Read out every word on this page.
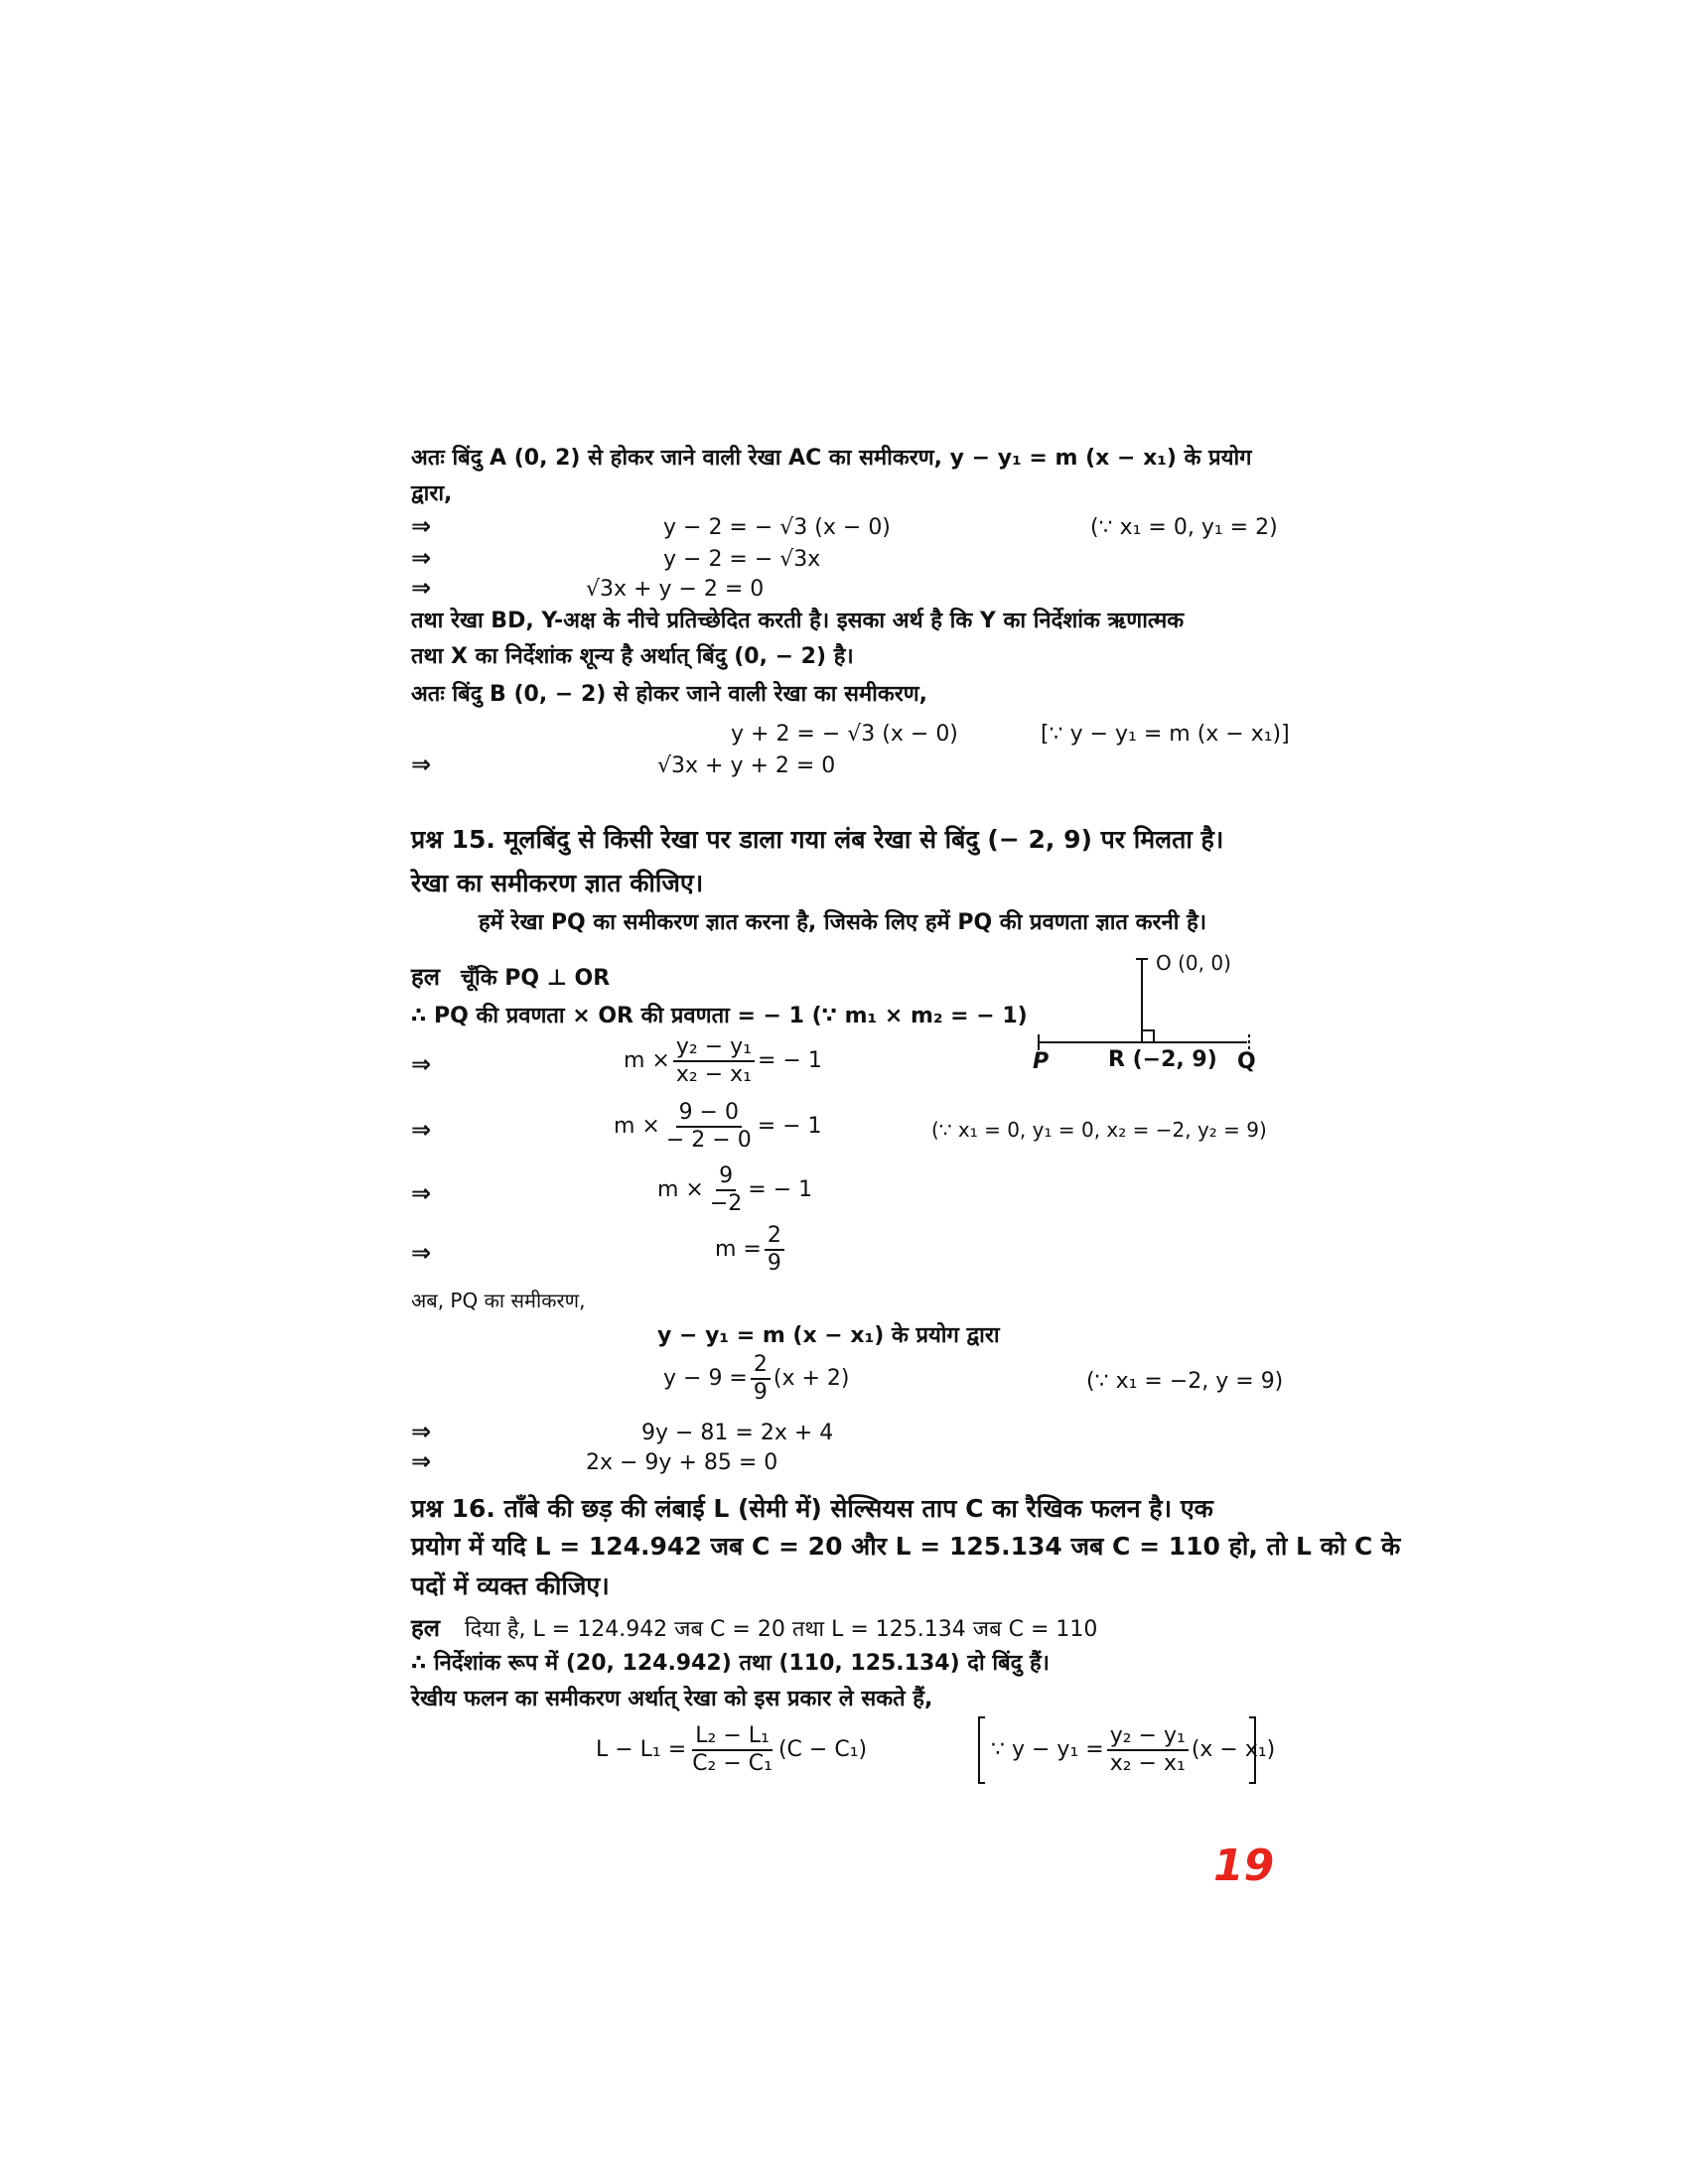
अतः बिंदु A (0, 2) से होकर जाने वाली रेखा AC का समीकरण, y − y₁ = m (x − x₁) के प्रयोग
द्वारा,
⇒	y − 2 = − √3 (x − 0)	(∵ x₁ = 0, y₁ = 2)
⇒	y − 2 = − √3x
⇒	√3x + y − 2 = 0
तथा रेखा BD, Y-अक्ष के नीचे प्रतिच्छेदित करती है। इसका अर्थ है कि Y का निर्देशांक ऋणात्मक
तथा X का निर्देशांक शून्य है अर्थात् बिंदु (0, − 2) है।
अतः बिंदु B (0, − 2) से होकर जाने वाली रेखा का समीकरण,
y + 2 = − √3 (x − 0)	[∵ y − y₁ = m (x − x₁)]
⇒	√3x + y + 2 = 0
प्रश्न 15. मूलबिंदु से किसी रेखा पर डाला गया लंब रेखा से बिंदु (− 2, 9) पर मिलता है।
रेखा का समीकरण ज्ञात कीजिए।
हमें रेखा PQ का समीकरण ज्ञात करना है, जिसके लिए हमें PQ की प्रवणता ज्ञात करनी है।
हल चूँकि PQ ⊥ OR
∴ PQ की प्रवणता × OR की प्रवणता = − 1 (∵ m₁ × m₂ = − 1)
⇒	$m \times \frac{\text{y₂ − y₁}}{\text{x₂ − x₁}}$ = − 1
⇒	$m \times \frac{9 - 0}{- 2 - 0}$ = − 1	(∵ x₁ = 0, y₁ = 0, x₂ = −2, y₂ = 9)
⇒	$m \times \frac{9}{-2}$ = − 1
⇒	$m = \frac{2}{9}$
अब, PQ का समीकरण,
y − y₁ = m (x − x₁) के प्रयोग द्वारा
$y - 9 = \frac{2}{9} (x + 2)$	(∵ x₁ = −2, y = 9)
⇒	9y − 81 = 2x + 4
⇒	2x − 9y + 85 = 0
O (0, 0)
P	R (−2, 9) Q
प्रश्न 16. ताँबे की छड़ की लंबाई L (सेमी में) सेल्सियस ताप C का रैखिक फलन है। एक
प्रयोग में यदि L = 124.942 जब C = 20 और L = 125.134 जब C = 110 हो, तो L को C के
पदों में व्यक्त कीजिए।
हल दिया है, L = 124.942 जब C = 20 तथा L = 125.134 जब C = 110
∴ निर्देशांक रूप में (20, 124.942) तथा (110, 125.134) दो बिंदु हैं।
रेखीय फलन का समीकरण अर्थात् रेखा को इस प्रकार ले सकते हैं,
$L - L_1 = \frac{\text{L₂ − L₁}}{\text{C₂ − C₁}} (C - C_1)$	∵ $y - y_1 = \frac{\text{y₂ − y₁}}{\text{x₂ − x₁}} (x - x_1)$
19
